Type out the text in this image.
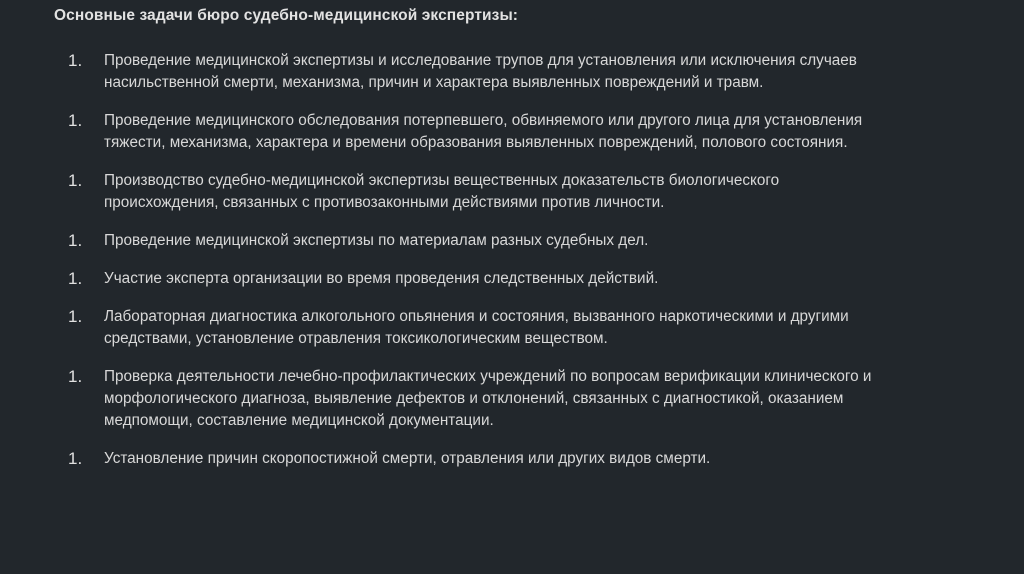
Основные задачи бюро судебно-медицинской экспертизы:
1.	Проведение медицинской экспертизы и исследование трупов для установления или исключения случаев
насильственной смерти, механизма, причин и характера выявленных повреждений и травм.
1.	Проведение медицинского обследования потерпевшего, обвиняемого или другого лица для установления
тяжести, механизма, характера и времени образования выявленных повреждений, полового состояния.
1.	Производство судебно-медицинской экспертизы вещественных доказательств биологического
происхождения, связанных с противозаконными действиями против личности.
1.	Проведение медицинской экспертизы по материалам разных судебных дел.
1.	Участие эксперта организации во время проведения следственных действий.
1.	Лабораторная диагностика алкогольного опьянения и состояния, вызванного наркотическими и другими
средствами, установление отравления токсикологическим веществом.
1.	Проверка деятельности лечебно-профилактических учреждений по вопросам верификации клинического и
морфологического диагноза, выявление дефектов и отклонений, связанных с диагностикой, оказанием
медпомощи, составление медицинской документации.
1.	Установление причин скоропостижной смерти, отравления или других видов смерти.
